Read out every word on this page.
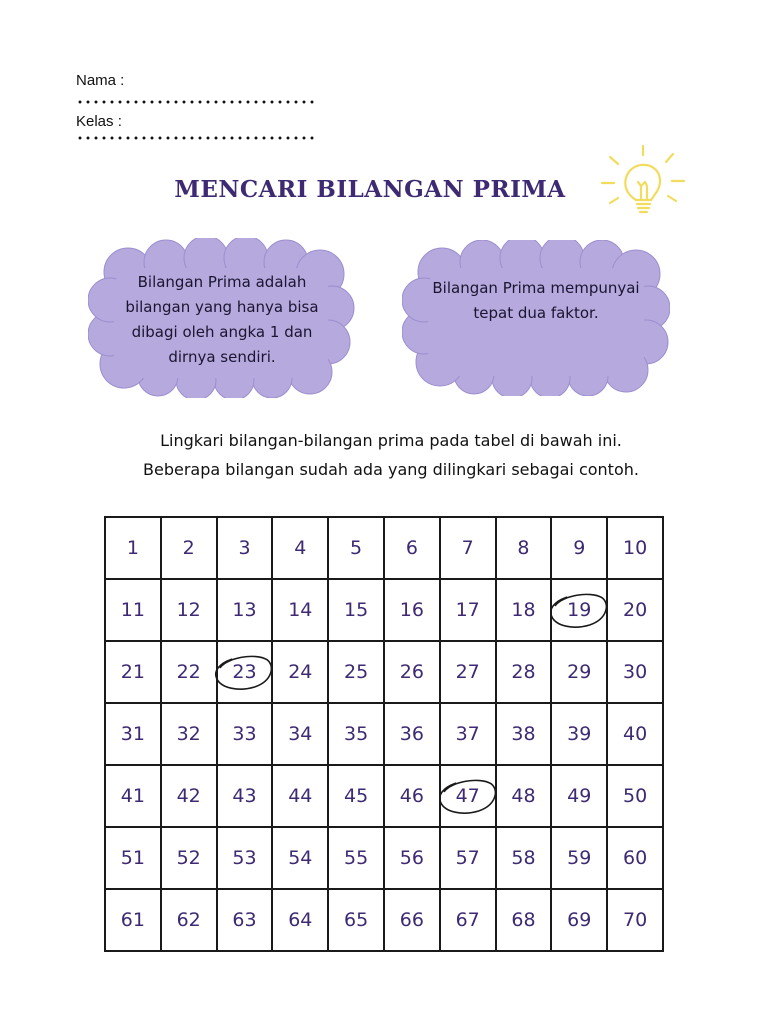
Nama :
Kelas :
MENCARI BILANGAN PRIMA
Bilangan Prima adalah
bilangan yang hanya bisa
dibagi oleh angka 1 dan
dirnya sendiri.
Bilangan Prima mempunyai
tepat dua faktor.
Lingkari bilangan-bilangan prima pada tabel di bawah ini.
Beberapa bilangan sudah ada yang dilingkari sebagai contoh.
1	2	3	4	5	6	7	8	9	10
11	12	13	14	15	16	17	18	19	20
21	22	23	24	25	26	27	28	29	30
31	32	33	34	35	36	37	38	39	40
41	42	43	44	45	46	47	48	49	50
51	52	53	54	55	56	57	58	59	60
61	62	63	64	65	66	67	68	69	70
